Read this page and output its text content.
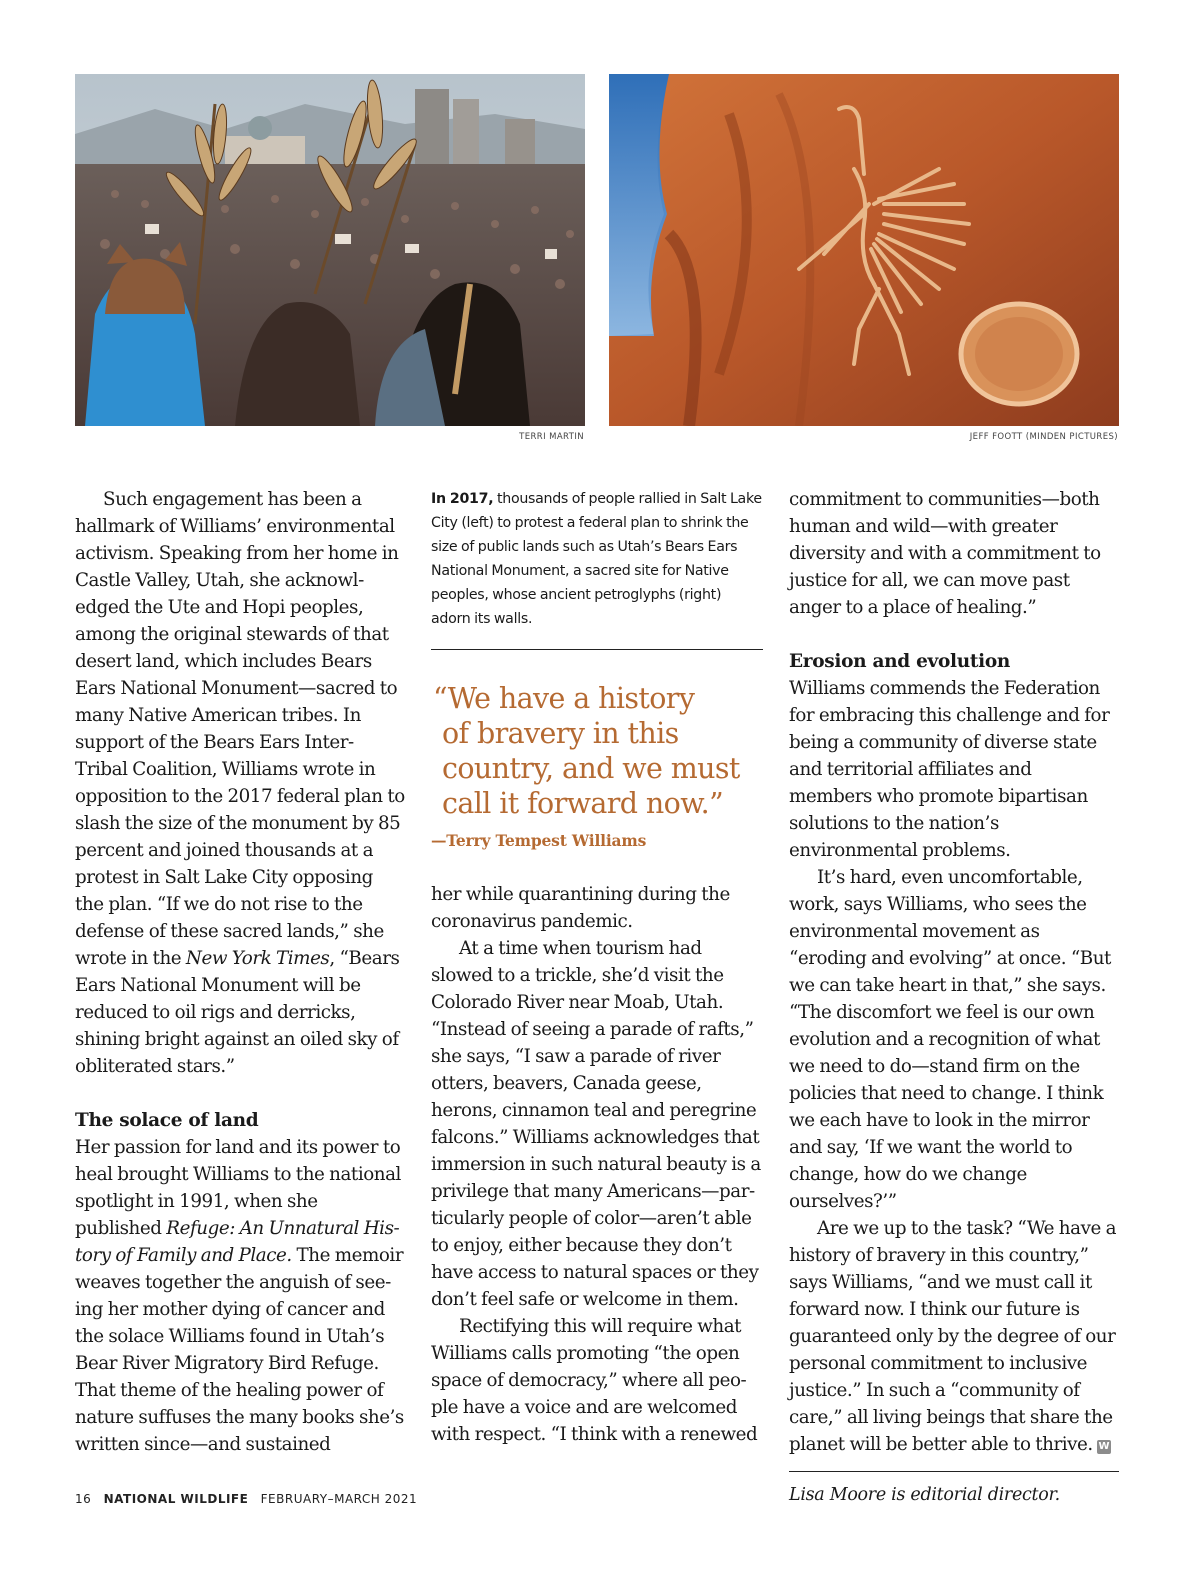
TERRI MARTIN	JEFF FOOTT (MINDEN PICTURES)

Such engagement has been a hallmark of Williams’ environmental activism. Speaking from her home in Castle Valley, Utah, she acknowledged the Ute and Hopi peoples, among the original stewards of that desert land, which includes Bears Ears National Monument—sacred to many Native American tribes. In support of the Bears Ears Inter-Tribal Coalition, Williams wrote in opposition to the 2017 federal plan to slash the size of the monument by 85 percent and joined thousands at a protest in Salt Lake City opposing the plan. “If we do not rise to the defense of these sacred lands,” she wrote in the New York Times, “Bears Ears National Monument will be reduced to oil rigs and derricks, shining bright against an oiled sky of obliterated stars.”

The solace of land

Her passion for land and its power to heal brought Williams to the national spotlight in 1991, when she published Refuge: An Unnatural History of Family and Place. The memoir weaves together the anguish of seeing her mother dying of cancer and the solace Williams found in Utah’s Bear River Migratory Bird Refuge. That theme of the healing power of nature suffuses the many books she’s written since—and sustained

In 2017, thousands of people rallied in Salt Lake City (left) to protest a federal plan to shrink the size of public lands such as Utah’s Bears Ears National Monument, a sacred site for Native peoples, whose ancient petroglyphs (right) adorn its walls.

“We have a history
of bravery in this
country, and we must
call it forward now.”

—Terry Tempest Williams

her while quarantining during the coronavirus pandemic.

At a time when tourism had slowed to a trickle, she’d visit the Colorado River near Moab, Utah. “Instead of seeing a parade of rafts,” she says, “I saw a parade of river otters, beavers, Canada geese, herons, cinnamon teal and peregrine falcons.” Williams acknowledges that immersion in such natural beauty is a privilege that many Americans—particularly people of color—aren’t able to enjoy, either because they don’t have access to natural spaces or they don’t feel safe or welcome in them.

Rectifying this will require what Williams calls promoting “the open space of democracy,” where all people have a voice and are welcomed with respect. “I think with a renewed

commitment to communities—both human and wild—with greater diversity and with a commitment to justice for all, we can move past anger to a place of healing.”

Erosion and evolution

Williams commends the Federation for embracing this challenge and for being a community of diverse state and territorial affiliates and members who promote bipartisan solutions to the nation’s environmental problems.

It’s hard, even uncomfortable, work, says Williams, who sees the environmental movement as “eroding and evolving” at once. “But we can take heart in that,” she says. “The discomfort we feel is our own evolution and a recognition of what we need to do—stand firm on the policies that need to change. I think we each have to look in the mirror and say, ‘If we want the world to change, how do we change ourselves?’”

Are we up to the task? “We have a history of bravery in this country,” says Williams, “and we must call it forward now. I think our future is guaranteed only by the degree of our personal commitment to inclusive justice.” In such a “community of care,” all living beings that share the planet will be better able to thrive. W

Lisa Moore is editorial director.

16 NATIONAL WILDLIFE FEBRUARY–MARCH 2021
